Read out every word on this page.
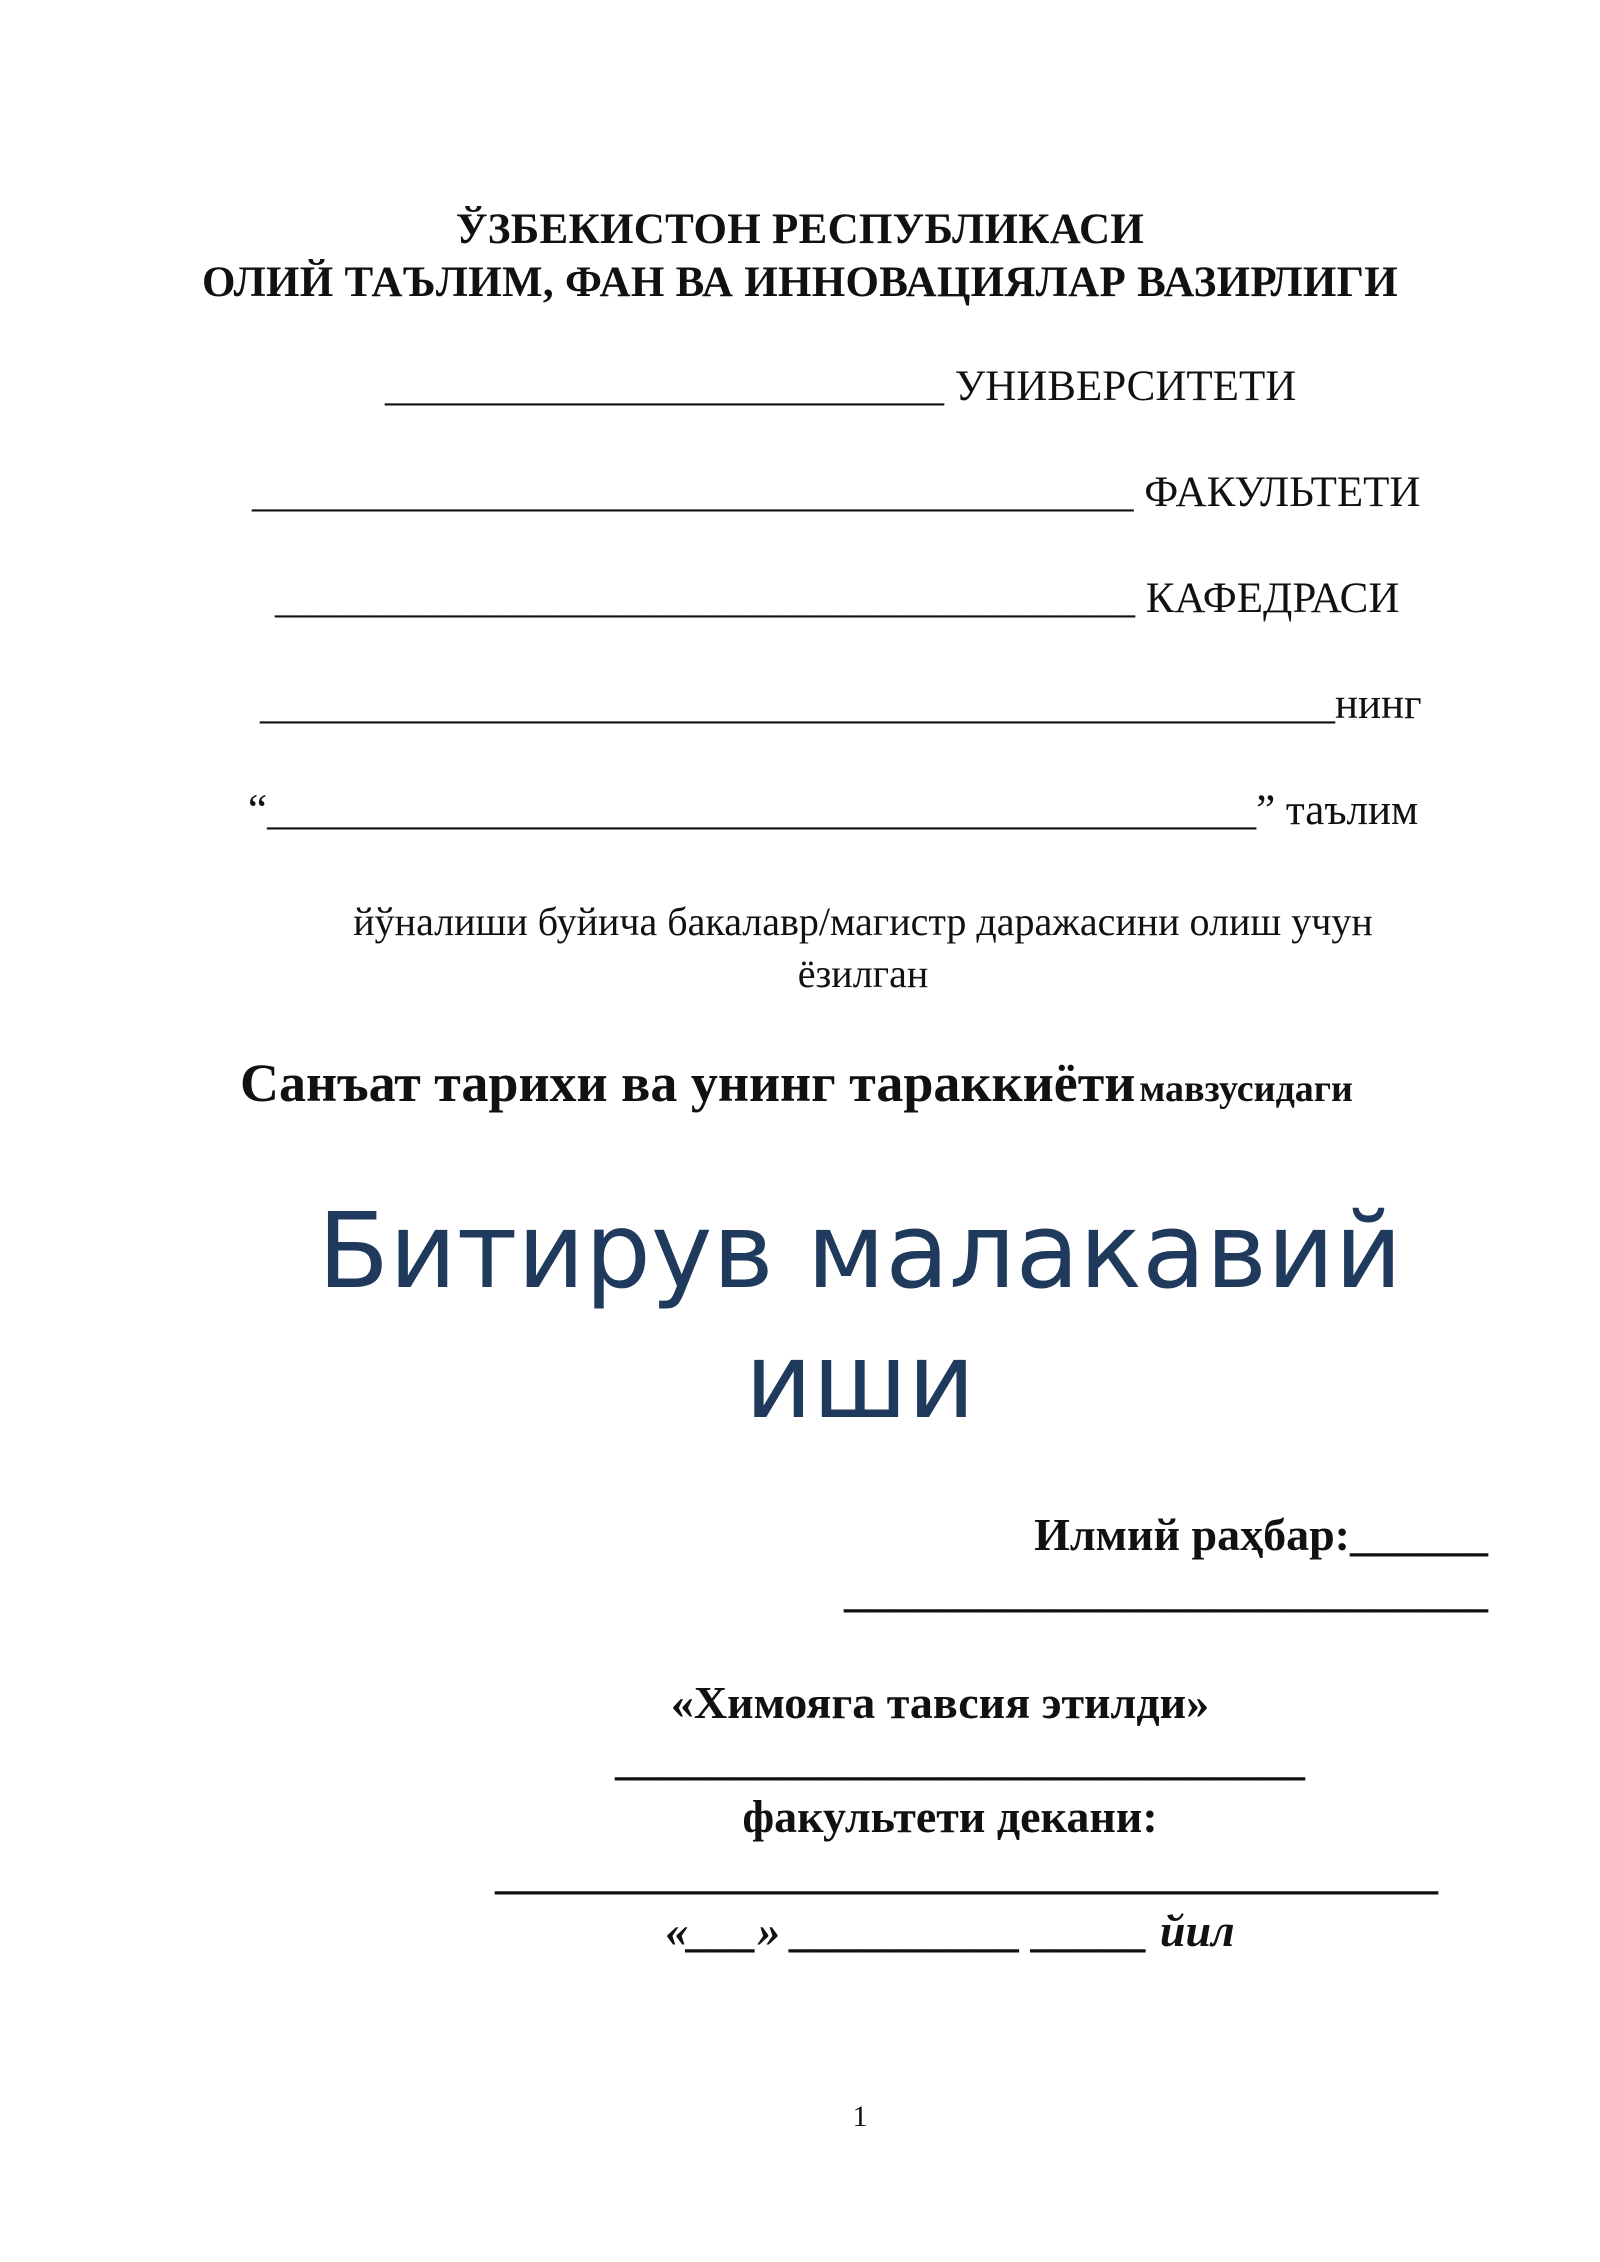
ЎЗБЕКИСТОН РЕСПУБЛИКАСИ
ОЛИЙ ТАЪЛИМ, ФАН ВА ИННОВАЦИЯЛАР ВАЗИРЛИГИ
__________________________ УНИВЕРСИТЕТИ
_________________________________________ ФАКУЛЬТЕТИ
________________________________________ КАФЕДРАСИ
__________________________________________________нинг
“______________________________________________” таълим
йўналиши буйича бакалавр/магистр даражасини олиш учун
ёзилган
Санъат тарихи ва унинг тараккиёти мавзусидаги
Битирув малакавий
иши
Илмий раҳбар:______
____________________________
«Химояга тавсия этилди»
______________________________
факультети декани:
_________________________________________
«___» __________ _____ йил
1
